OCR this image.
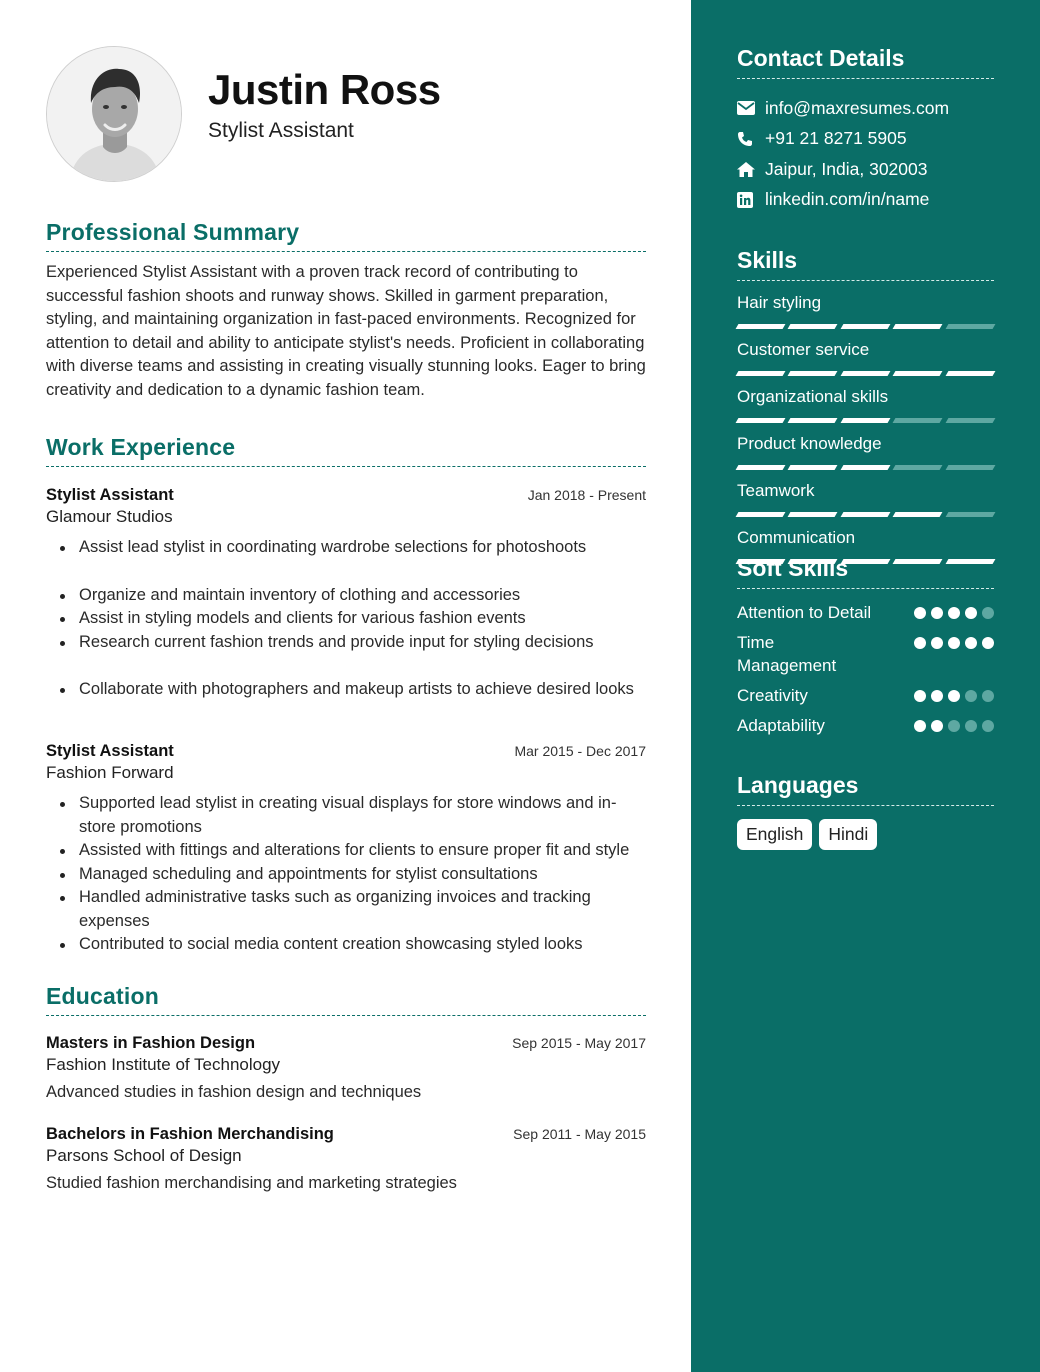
Justin Ross
Stylist Assistant
Professional Summary

Experienced Stylist Assistant with a proven track record of contributing to successful fashion shoots and runway shows. Skilled in garment preparation, styling, and maintaining organization in fast-paced environments. Recognized for attention to detail and ability to anticipate stylist's needs. Proficient in collaborating with diverse teams and assisting in creating visually stunning looks. Eager to bring creativity and dedication to a dynamic fashion team.

Work Experience
Stylist Assistant	Jan 2018 - Present
Glamour Studios
Assist lead stylist in coordinating wardrobe selections for photoshoots
Organize and maintain inventory of clothing and accessories
Assist in styling models and clients for various fashion events
Research current fashion trends and provide input for styling decisions
Collaborate with photographers and makeup artists to achieve desired looks
Stylist Assistant	Mar 2015 - Dec 2017
Fashion Forward
Supported lead stylist in creating visual displays for store windows and in-store promotions
Assisted with fittings and alterations for clients to ensure proper fit and style
Managed scheduling and appointments for stylist consultations
Handled administrative tasks such as organizing invoices and tracking expenses
Contributed to social media content creation showcasing styled looks
Education
Masters in Fashion Design	Sep 2015 - May 2017
Fashion Institute of Technology
Advanced studies in fashion design and techniques
Bachelors in Fashion Merchandising	Sep 2011 - May 2015
Parsons School of Design
Studied fashion merchandising and marketing strategies
Contact Details
info@maxresumes.com
+91 21 8271 5905
Jaipur, India, 302003
linkedin.com/in/name
Skills
Hair styling
Customer service
Organizational skills
Product knowledge
Teamwork
Communication
Soft Skills
Attention to Detail
Time Management
Creativity
Adaptability
Languages
English	Hindi
